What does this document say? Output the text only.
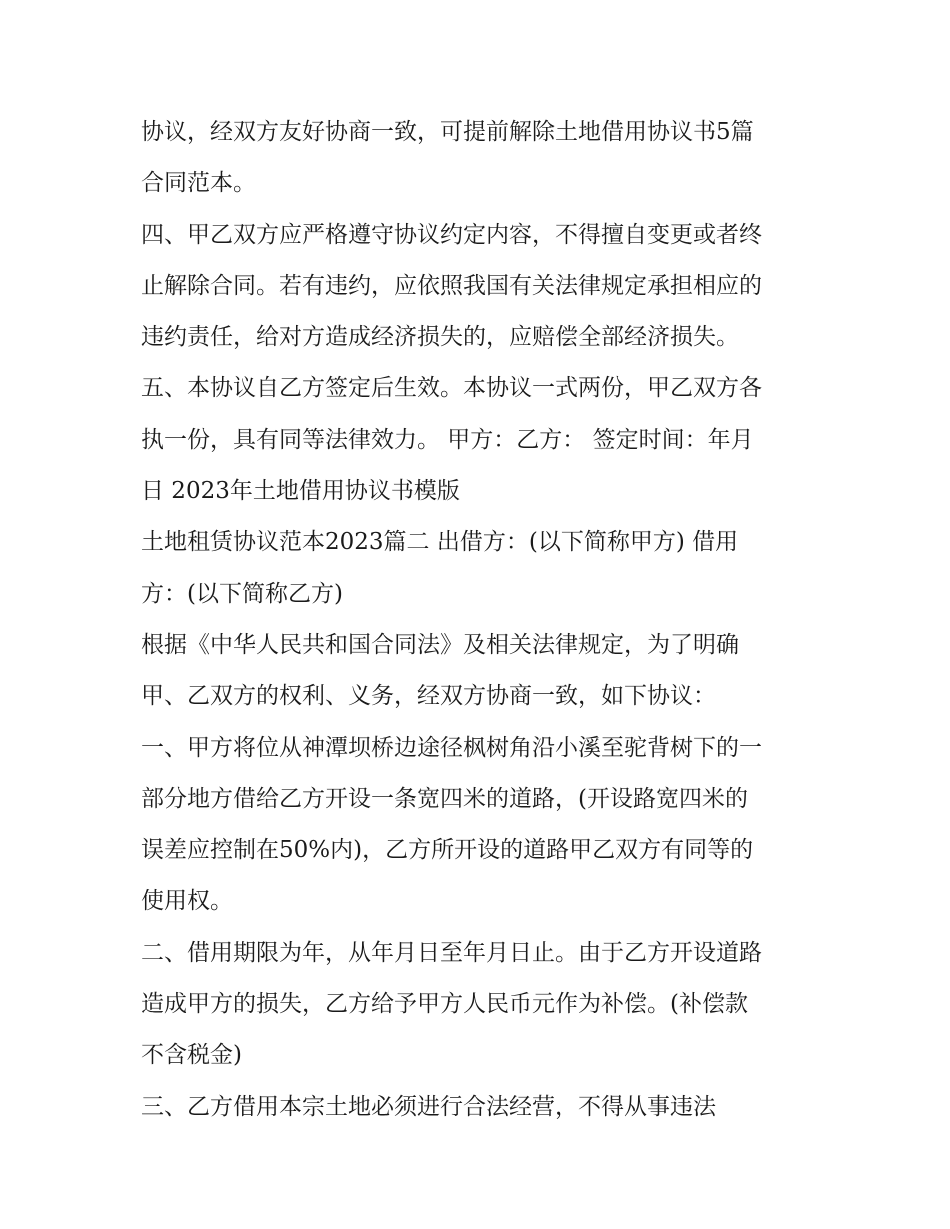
协议，经双方友好协商一致，可提前解除土地借用协议书5篇
合同范本。
四、甲乙双方应严格遵守协议约定内容，不得擅自变更或者终
止解除合同。若有违约，应依照我国有关法律规定承担相应的
违约责任，给对方造成经济损失的，应赔偿全部经济损失。
五、本协议自乙方签定后生效。本协议一式两份，甲乙双方各
执一份，具有同等法律效力。 甲方：乙方： 签定时间：年月
日 2023年土地借用协议书模版
土地租赁协议范本2023篇二 出借方：(以下简称甲方) 借用
方：(以下简称乙方)
根据《中华人民共和国合同法》及相关法律规定，为了明确
甲、乙双方的权利、义务，经双方协商一致，如下协议：
一、甲方将位从神潭坝桥边途径枫树角沿小溪至驼背树下的一
部分地方借给乙方开设一条宽四米的道路，(开设路宽四米的
误差应控制在50%内)，乙方所开设的道路甲乙双方有同等的
使用权。
二、借用期限为年，从年月日至年月日止。由于乙方开设道路
造成甲方的损失，乙方给予甲方人民币元作为补偿。(补偿款
不含税金)
三、乙方借用本宗土地必须进行合法经营，不得从事违法
